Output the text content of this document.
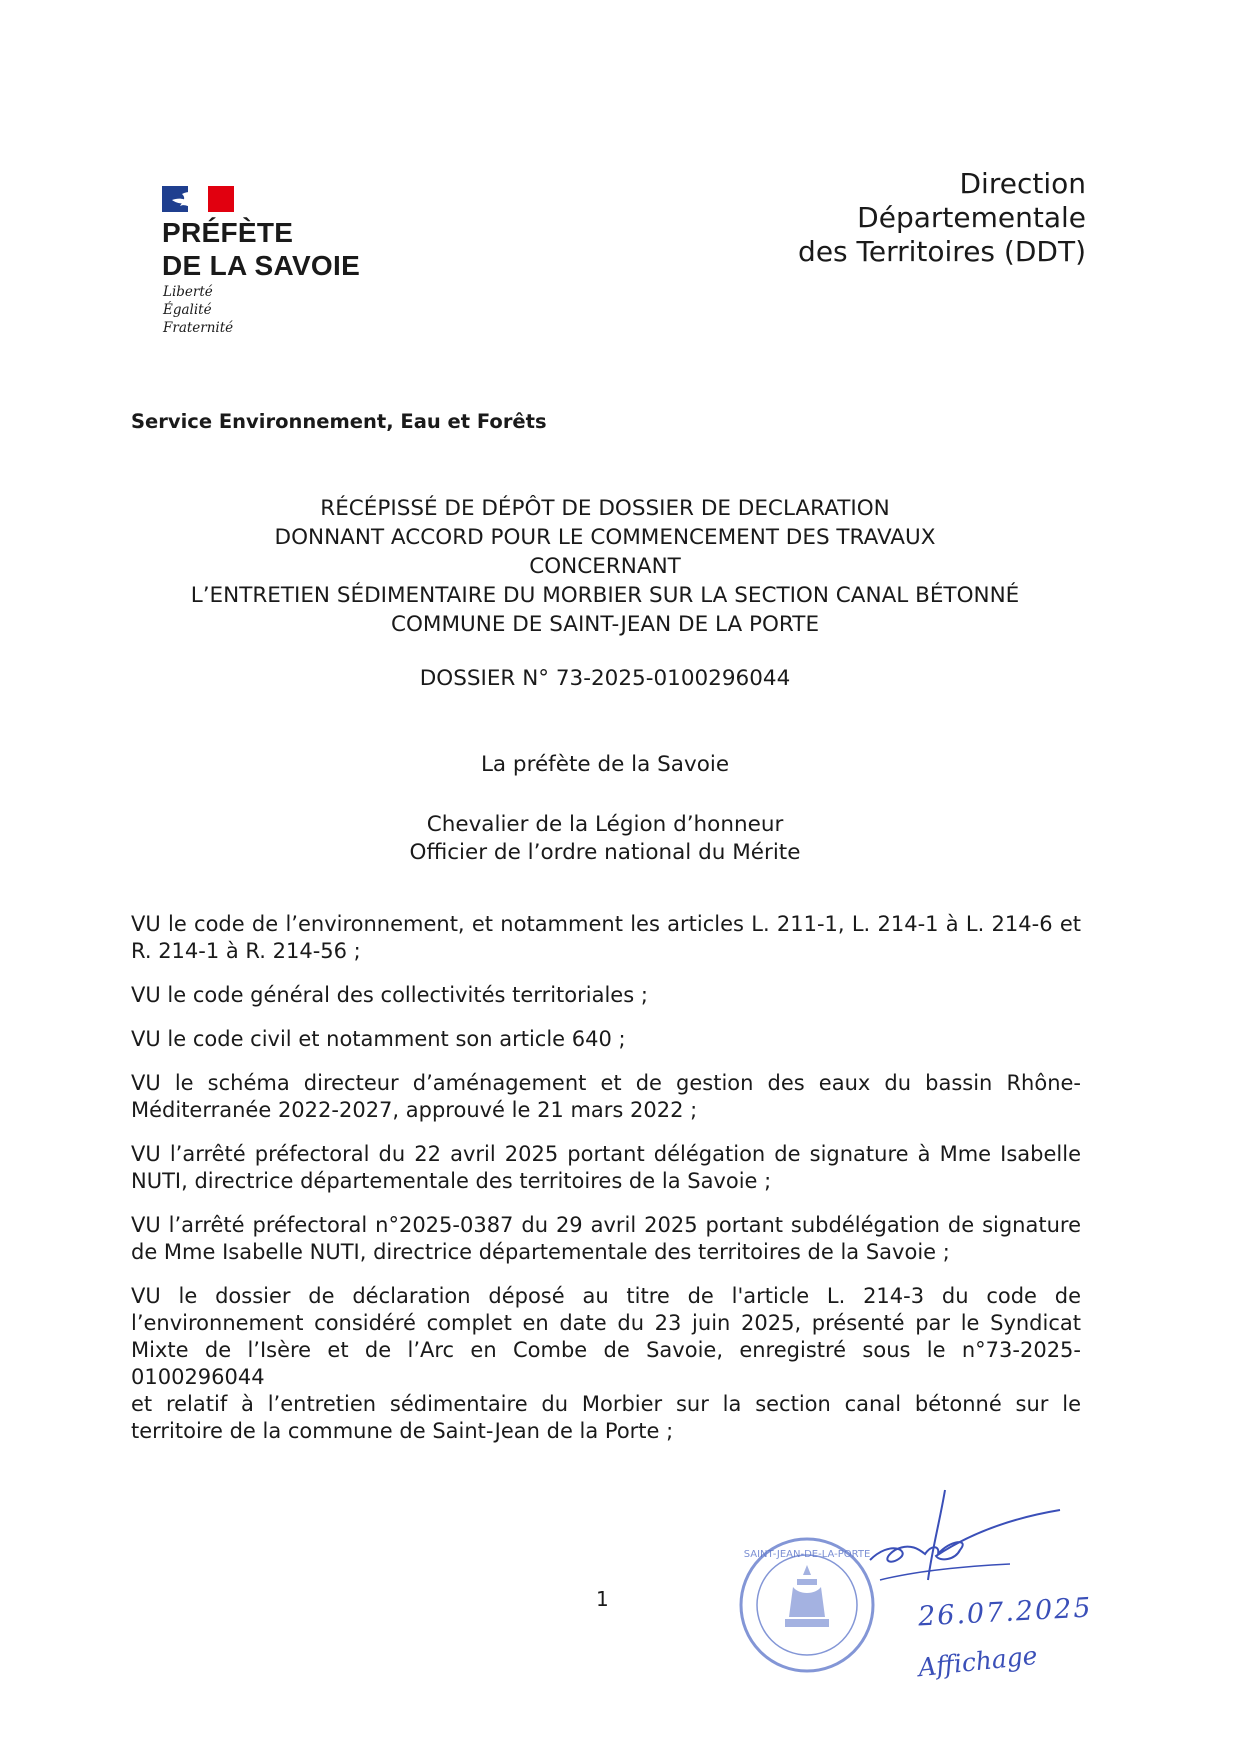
PRÉFÈTE
DE LA SAVOIE
Liberté
Égalité
Fraternité
Direction
Départementale
des Territoires (DDT)
Service Environnement, Eau et Forêts
RÉCÉPISSÉ DE DÉPÔT DE DOSSIER DE DECLARATION
DONNANT ACCORD POUR LE COMMENCEMENT DES TRAVAUX
CONCERNANT
L’ENTRETIEN SÉDIMENTAIRE DU MORBIER SUR LA SECTION CANAL BÉTONNÉ
COMMUNE DE SAINT-JEAN DE LA PORTE
DOSSIER N° 73-2025-0100296044
La préfète de la Savoie
Chevalier de la Légion d’honneur
Officier de l’ordre national du Mérite

VU le code de l’environnement, et notamment les articles L. 211-1, L. 214-1 à L. 214-6 et
R. 214-1 à R. 214-56 ;

VU le code général des collectivités territoriales ;

VU le code civil et notamment son article 640 ;

VU le schéma directeur d’aménagement et de gestion des eaux du bassin Rhône-
Méditerranée 2022-2027, approuvé le 21 mars 2022 ;

VU l’arrêté préfectoral du 22 avril 2025 portant délégation de signature à Mme Isabelle
NUTI, directrice départementale des territoires de la Savoie ;

VU l’arrêté préfectoral n°2025-0387 du 29 avril 2025 portant subdélégation de signature
de Mme Isabelle NUTI, directrice départementale des territoires de la Savoie ;

VU le dossier de déclaration déposé au titre de l'article L. 214-3 du code de
l’environnement considéré complet en date du 23 juin 2025, présenté par le Syndicat
Mixte de l’Isère et de l’Arc en Combe de Savoie, enregistré sous le n°73-2025-0100296044
et relatif à l’entretien sédimentaire du Morbier sur la section canal bétonné sur le
territoire de la commune de Saint-Jean de la Porte ;

1
SAINT-JEAN-DE-LA-PORTE
26.07.2025
Affichage
